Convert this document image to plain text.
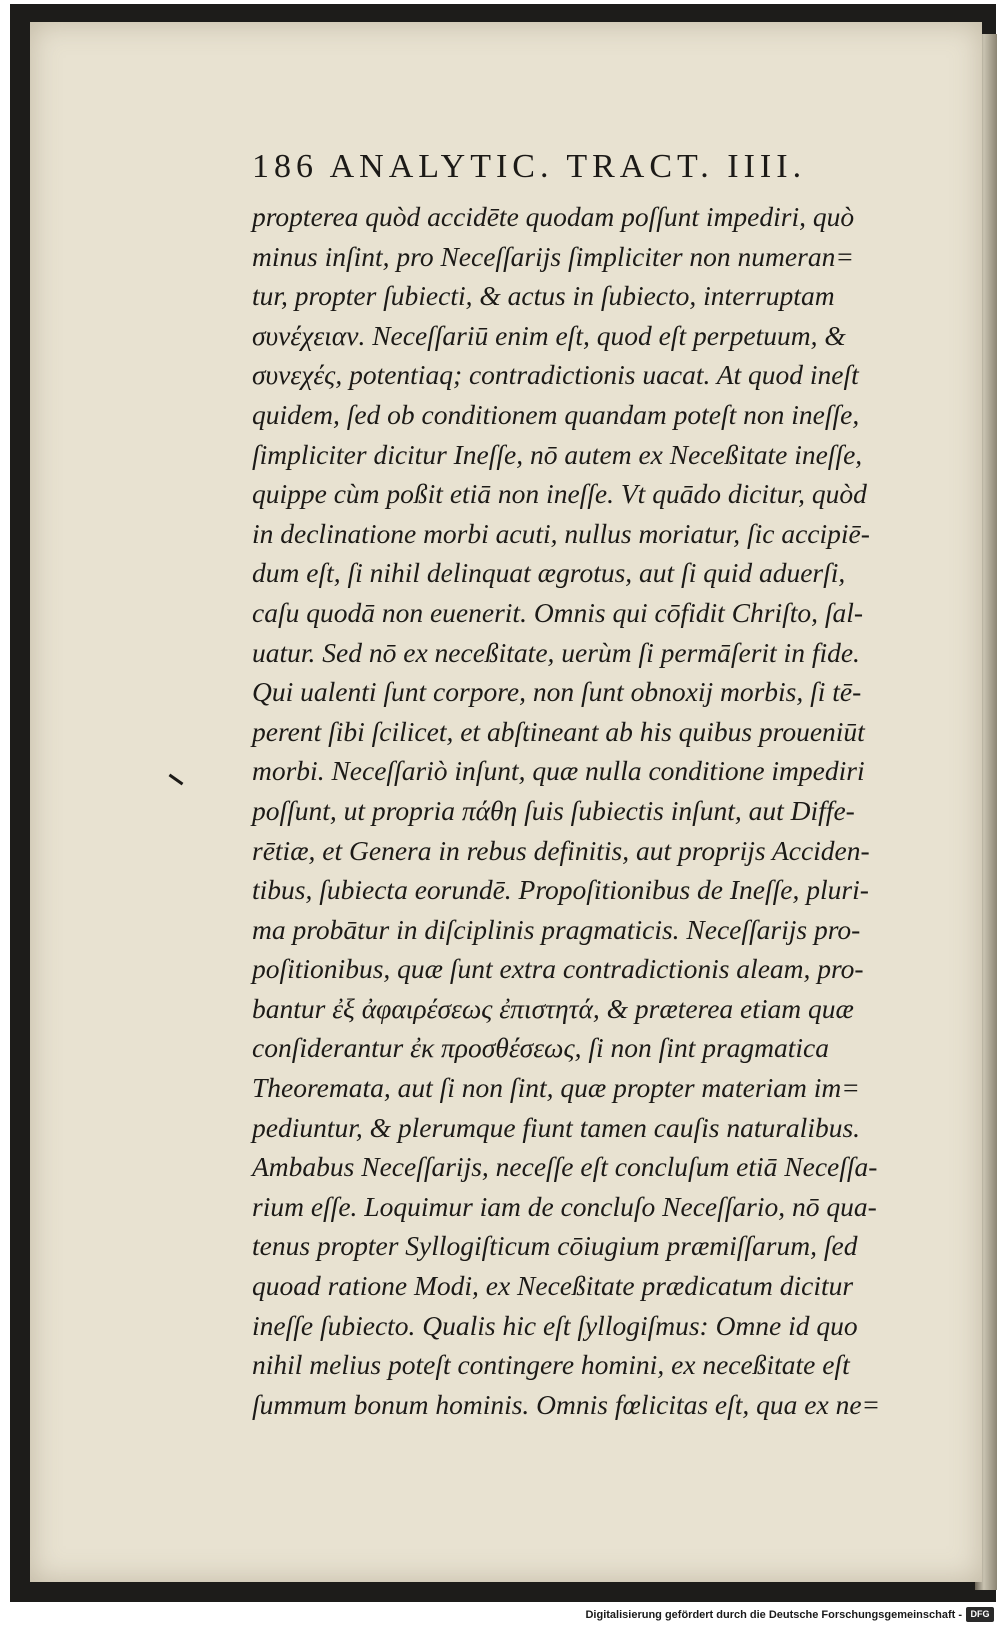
186 ANALYTIC. TRACT. IIII.
propterea quòd accidēte quodam poſſunt impediri, quò
minus inſint, pro Neceſſarijs ſimpliciter non numeran=
tur, propter ſubiecti, & actus in ſubiecto, interruptam
συνέχειαν. Neceſſariū enim eſt, quod eſt perpetuum, &
συνεχές, potentiaq; contradictionis uacat. At quod ineſt
quidem, ſed ob conditionem quandam poteſt non ineſſe,
ſimpliciter dicitur Ineſſe, nō autem ex Neceßitate ineſſe,
quippe cùm poßit etiā non ineſſe. Vt quādo dicitur, quòd
in declinatione morbi acuti, nullus moriatur, ſic accipiē-
dum eſt, ſi nihil delinquat ægrotus, aut ſi quid aduerſi,
caſu quodā non euenerit. Omnis qui cōfidit Chriſto, ſal-
uatur. Sed nō ex neceßitate, uerùm ſi permāſerit in fide.
Qui ualenti ſunt corpore, non ſunt obnoxij morbis, ſi tē-
perent ſibi ſcilicet, et abſtineant ab his quibus proueniūt
morbi. Neceſſariò inſunt, quæ nulla conditione impediri
poſſunt, ut propria πάθη ſuis ſubiectis inſunt, aut Diffe-
rētiæ, et Genera in rebus definitis, aut proprijs Acciden-
tibus, ſubiecta eorundē. Propoſitionibus de Ineſſe, pluri-
ma probātur in diſciplinis pragmaticis. Neceſſarijs pro-
poſitionibus, quæ ſunt extra contradictionis aleam, pro-
bantur ἐξ ἀφαιρέσεως ἐπιστητά, & præterea etiam quæ
conſiderantur ἐκ προσθέσεως, ſi non ſint pragmatica
Theoremata, aut ſi non ſint, quæ propter materiam im=
pediuntur, & plerumque fiunt tamen cauſis naturalibus.
Ambabus Neceſſarijs, neceſſe eſt concluſum etiā Neceſſa-
rium eſſe. Loquimur iam de concluſo Neceſſario, nō qua-
tenus propter Syllogiſticum cōiugium præmiſſarum, ſed
quoad ratione Modi, ex Neceßitate prædicatum dicitur
ineſſe ſubiecto. Qualis hic eſt ſyllogiſmus: Omne id quo
nihil melius poteſt contingere homini, ex neceßitate eſt
ſummum bonum hominis. Omnis fœlicitas eſt, qua ex ne=
Digitalisierung gefördert durch die Deutsche Forschungsgemeinschaft - DFG
